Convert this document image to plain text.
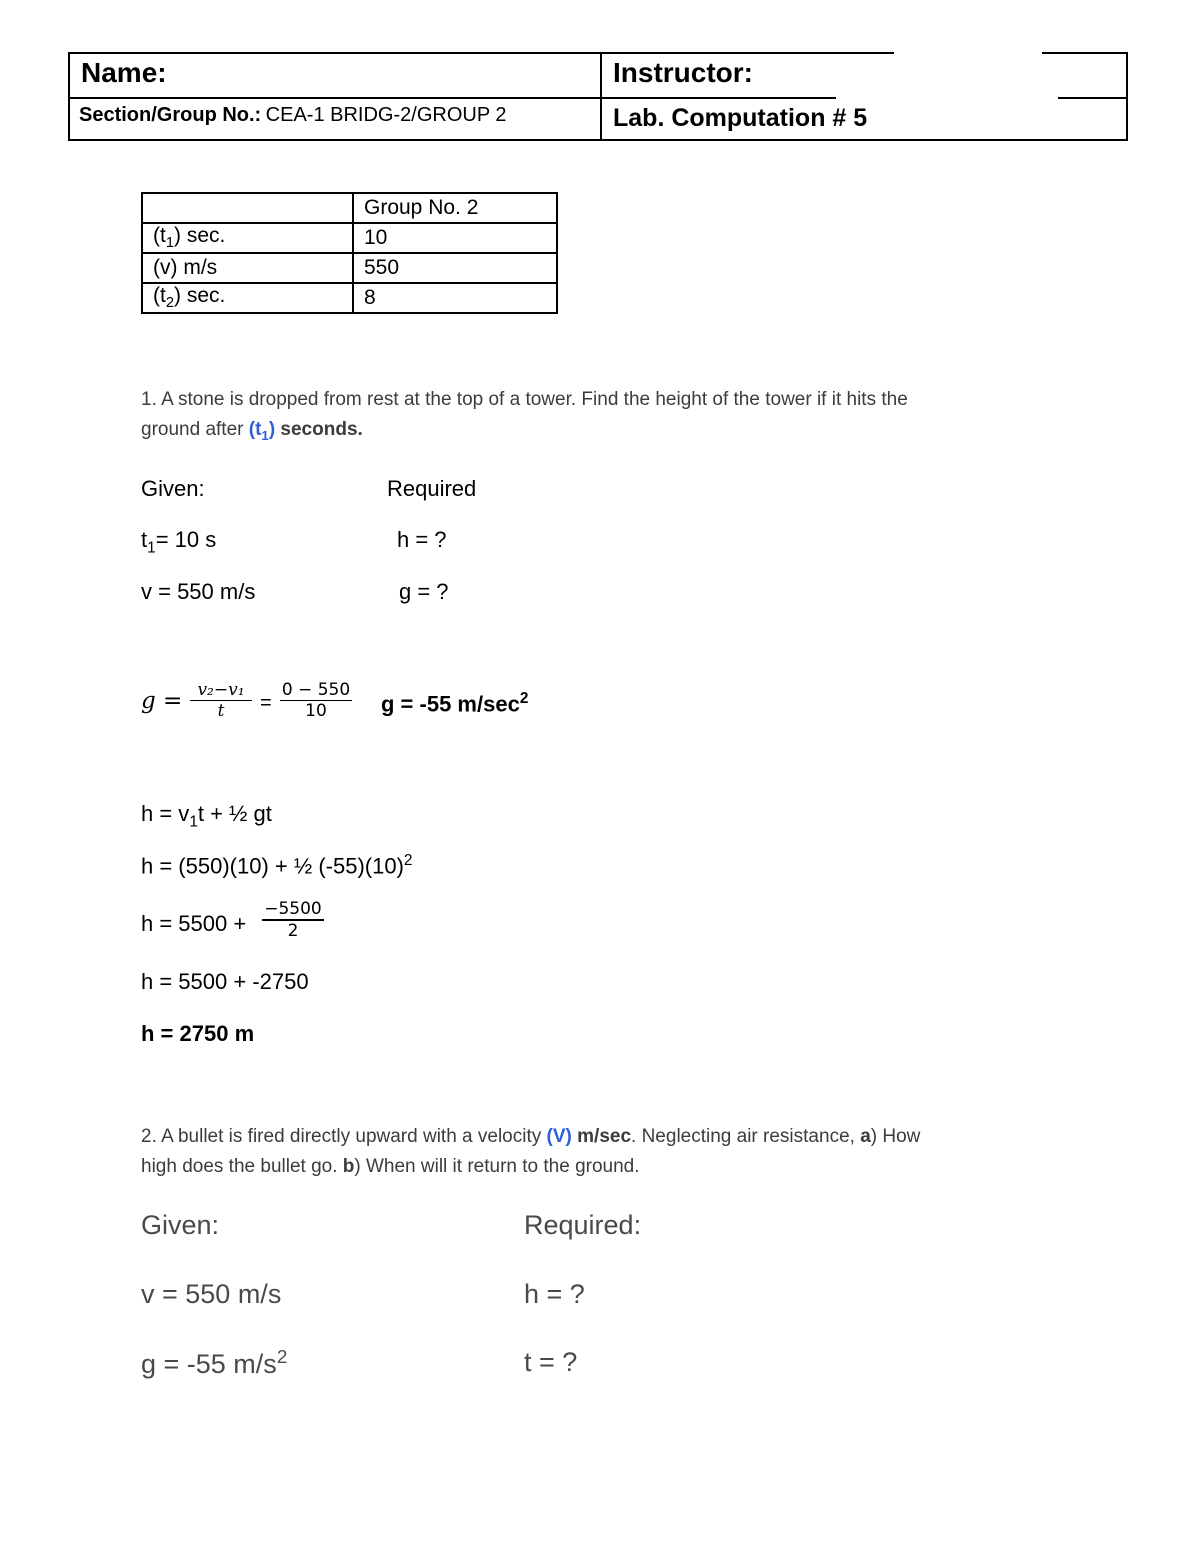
Name:	Instructor:
Section/Group No.: CEA-1 BRIDG-2/GROUP 2	Lab. Computation # 5
	Group No. 2
$(t_1)$ sec.	10
(v) m/s	550
$(t_2)$ sec.	8
1. A stone is dropped from rest at the top of a tower. Find the height of the tower if it hits the
ground after $(t_1)$ seconds.
Given:	Required
$t_1= 10$ s	h = ?
v = 550 m/s	g = ?
g = v₂−v₁
t	=
0 − 550
10	g = -55 $m/\sec^2$
$h = v_1t$ + ½ gt
h = (550)(10) + ½ $(-55)(10)^2$
h = 5500 +
−5500
2
h = 5500 + -2750
h = 2750 m
2. A bullet is fired directly upward with a velocity (V) m/sec. Neglecting air resistance, a) How
high does the bullet go. b) When will it return to the ground.
Given:	Required:
v = 550 m/s	h = ?
g = -55 $m/s^2$	t = ?
